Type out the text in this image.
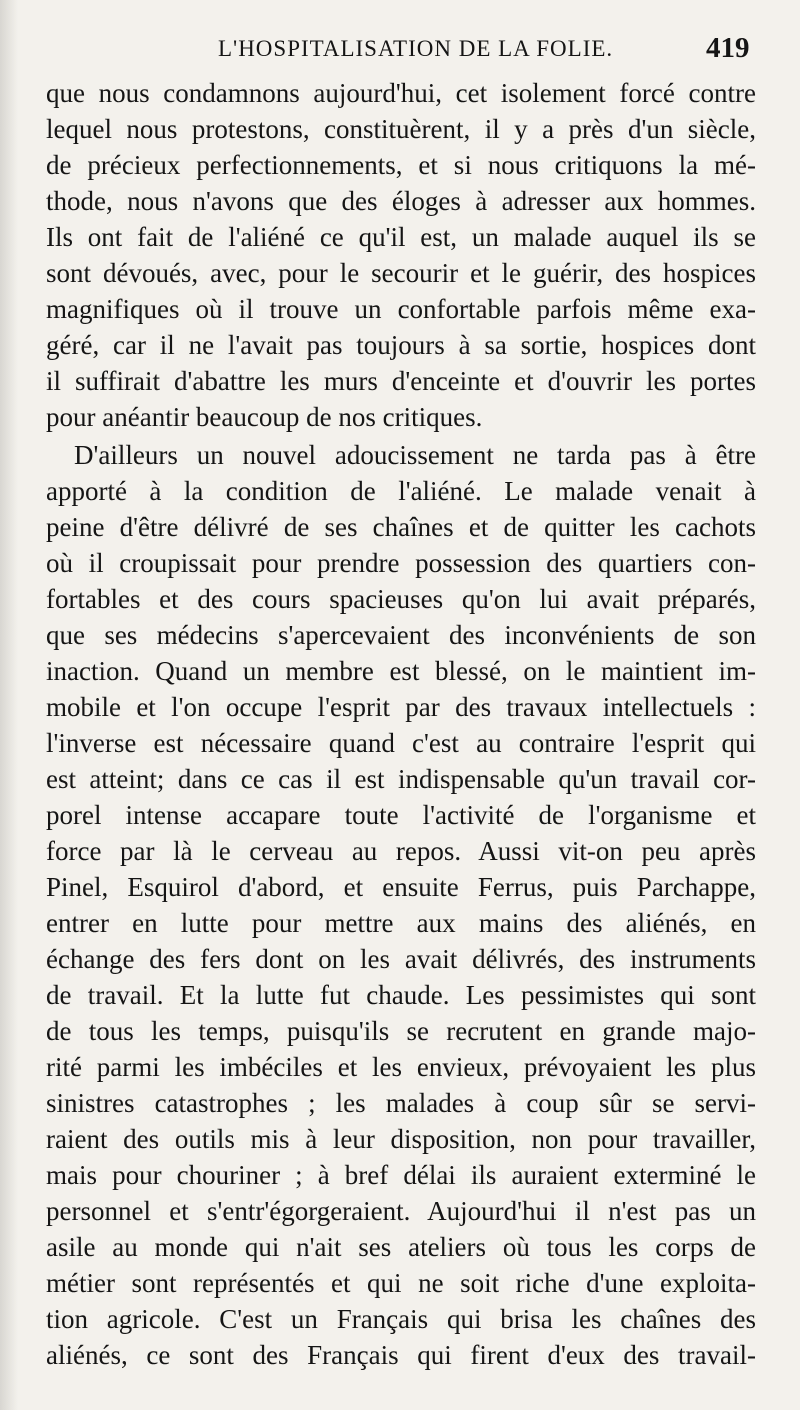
L'HOSPITALISATION DE LA FOLIE.	419
que nous condamnons aujourd'hui, cet isolement forcé contre
lequel nous protestons, constituèrent, il y a près d'un siècle,
de précieux perfectionnements, et si nous critiquons la mé-
thode, nous n'avons que des éloges à adresser aux hommes.
Ils ont fait de l'aliéné ce qu'il est, un malade auquel ils se
sont dévoués, avec, pour le secourir et le guérir, des hospices
magnifiques où il trouve un confortable parfois même exa-
géré, car il ne l'avait pas toujours à sa sortie, hospices dont
il suffirait d'abattre les murs d'enceinte et d'ouvrir les portes
pour anéantir beaucoup de nos critiques.
D'ailleurs un nouvel adoucissement ne tarda pas à être
apporté à la condition de l'aliéné. Le malade venait à
peine d'être délivré de ses chaînes et de quitter les cachots
où il croupissait pour prendre possession des quartiers con-
fortables et des cours spacieuses qu'on lui avait préparés,
que ses médecins s'apercevaient des inconvénients de son
inaction. Quand un membre est blessé, on le maintient im-
mobile et l'on occupe l'esprit par des travaux intellectuels :
l'inverse est nécessaire quand c'est au contraire l'esprit qui
est atteint; dans ce cas il est indispensable qu'un travail cor-
porel intense accapare toute l'activité de l'organisme et
force par là le cerveau au repos. Aussi vit-on peu après
Pinel, Esquirol d'abord, et ensuite Ferrus, puis Parchappe,
entrer en lutte pour mettre aux mains des aliénés, en
échange des fers dont on les avait délivrés, des instruments
de travail. Et la lutte fut chaude. Les pessimistes qui sont
de tous les temps, puisqu'ils se recrutent en grande majo-
rité parmi les imbéciles et les envieux, prévoyaient les plus
sinistres catastrophes ; les malades à coup sûr se servi-
raient des outils mis à leur disposition, non pour travailler,
mais pour chouriner ; à bref délai ils auraient exterminé le
personnel et s'entr'égorgeraient. Aujourd'hui il n'est pas un
asile au monde qui n'ait ses ateliers où tous les corps de
métier sont représentés et qui ne soit riche d'une exploita-
tion agricole. C'est un Français qui brisa les chaînes des
aliénés, ce sont des Français qui firent d'eux des travail-
